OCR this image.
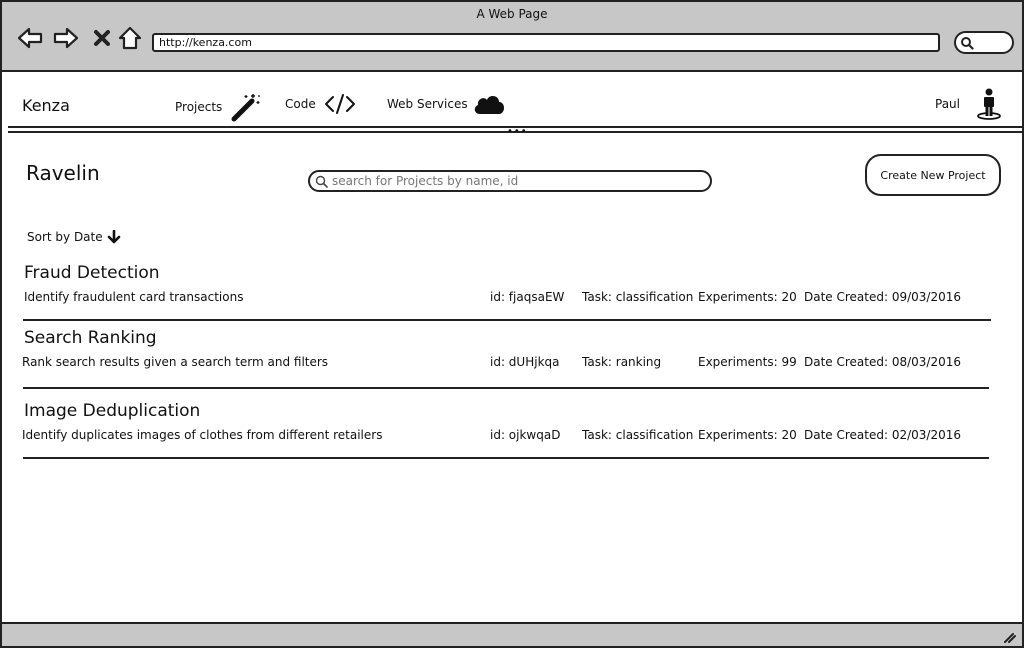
A Web Page
http://kenza.com
Kenza	Projects	Code	Web Services	Paul
•••
Ravelin	search for Projects by name, id	Create New Project
Sort by Date
Fraud Detection
Identify fraudulent card transactions	id: fjaqsaEW Task: classification Experiments: 20 Date Created: 09/03/2016
Search Ranking
Rank search results given a search term and filters	id: dUHjkqa Task: ranking	Experiments: 99 Date Created: 08/03/2016
Image Deduplication
Identify duplicates images of clothes from different retailers	id: ojkwqaD Task: classification Experiments: 20 Date Created: 02/03/2016
